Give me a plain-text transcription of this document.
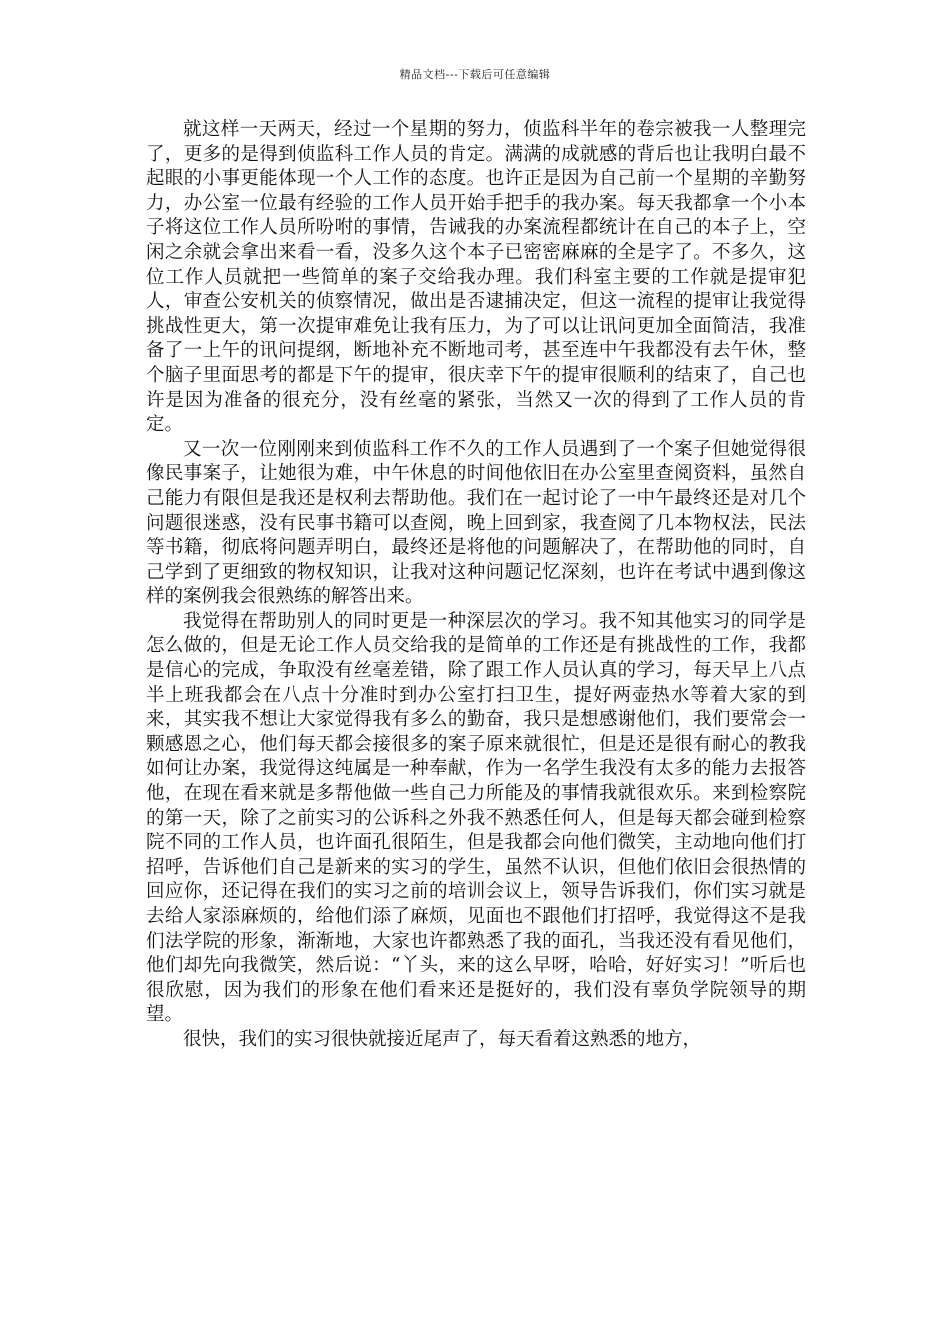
精品文档---下载后可任意编辑

就这样一天两天，经过一个星期的努力，侦监科半年的卷宗被我一人整理完了，更多的是得到侦监科工作人员的肯定。满满的成就感的背后也让我明白最不起眼的小事更能体现一个人工作的态度。也许正是因为自己前一个星期的辛勤努力，办公室一位最有经验的工作人员开始手把手的我办案。每天我都拿一个小本子将这位工作人员所吩咐的事情，告诫我的办案流程都统计在自己的本子上，空闲之余就会拿出来看一看，没多久这个本子已密密麻麻的全是字了。不多久，这位工作人员就把一些简单的案子交给我办理。我们科室主要的工作就是提审犯人，审查公安机关的侦察情况，做出是否逮捕决定，但这一流程的提审让我觉得挑战性更大，第一次提审难免让我有压力，为了可以让讯问更加全面简洁，我准备了一上午的讯问提纲，断地补充不断地司考，甚至连中午我都没有去午休，整个脑子里面思考的都是下午的提审，很庆幸下午的提审很顺利的结束了，自己也许是因为准备的很充分，没有丝毫的紧张，当然又一次的得到了工作人员的肯定。

又一次一位刚刚来到侦监科工作不久的工作人员遇到了一个案子但她觉得很像民事案子，让她很为难，中午休息的时间他依旧在办公室里查阅资料，虽然自己能力有限但是我还是权利去帮助他。我们在一起讨论了一中午最终还是对几个问题很迷惑，没有民事书籍可以查阅，晚上回到家，我查阅了几本物权法，民法等书籍，彻底将问题弄明白，最终还是将他的问题解决了，在帮助他的同时，自己学到了更细致的物权知识，让我对这种问题记忆深刻，也许在考试中遇到像这样的案例我会很熟练的解答出来。

我觉得在帮助别人的同时更是一种深层次的学习。我不知其他实习的同学是怎么做的，但是无论工作人员交给我的是简单的工作还是有挑战性的工作，我都是信心的完成，争取没有丝毫差错，除了跟工作人员认真的学习，每天早上八点半上班我都会在八点十分准时到办公室打扫卫生，提好两壶热水等着大家的到来，其实我不想让大家觉得我有多么的勤奋，我只是想感谢他们，我们要常会一颗感恩之心，他们每天都会接很多的案子原来就很忙，但是还是很有耐心的教我如何让办案，我觉得这纯属是一种奉献，作为一名学生我没有太多的能力去报答他，在现在看来就是多帮他做一些自己力所能及的事情我就很欢乐。来到检察院的第一天，除了之前实习的公诉科之外我不熟悉任何人，但是每天都会碰到检察院不同的工作人员，也许面孔很陌生，但是我都会向他们微笑，主动地向他们打招呼，告诉他们自己是新来的实习的学生，虽然不认识，但他们依旧会很热情的回应你，还记得在我们的实习之前的培训会议上，领导告诉我们，你们实习就是去给人家添麻烦的，给他们添了麻烦，见面也不跟他们打招呼，我觉得这不是我们法学院的形象，渐渐地，大家也许都熟悉了我的面孔，当我还没有看见他们，他们却先向我微笑，然后说：“丫头，来的这么早呀，哈哈，好好实习！”听后也很欣慰，因为我们的形象在他们看来还是挺好的，我们没有辜负学院领导的期望。

很快，我们的实习很快就接近尾声了，每天看着这熟悉的地方，
